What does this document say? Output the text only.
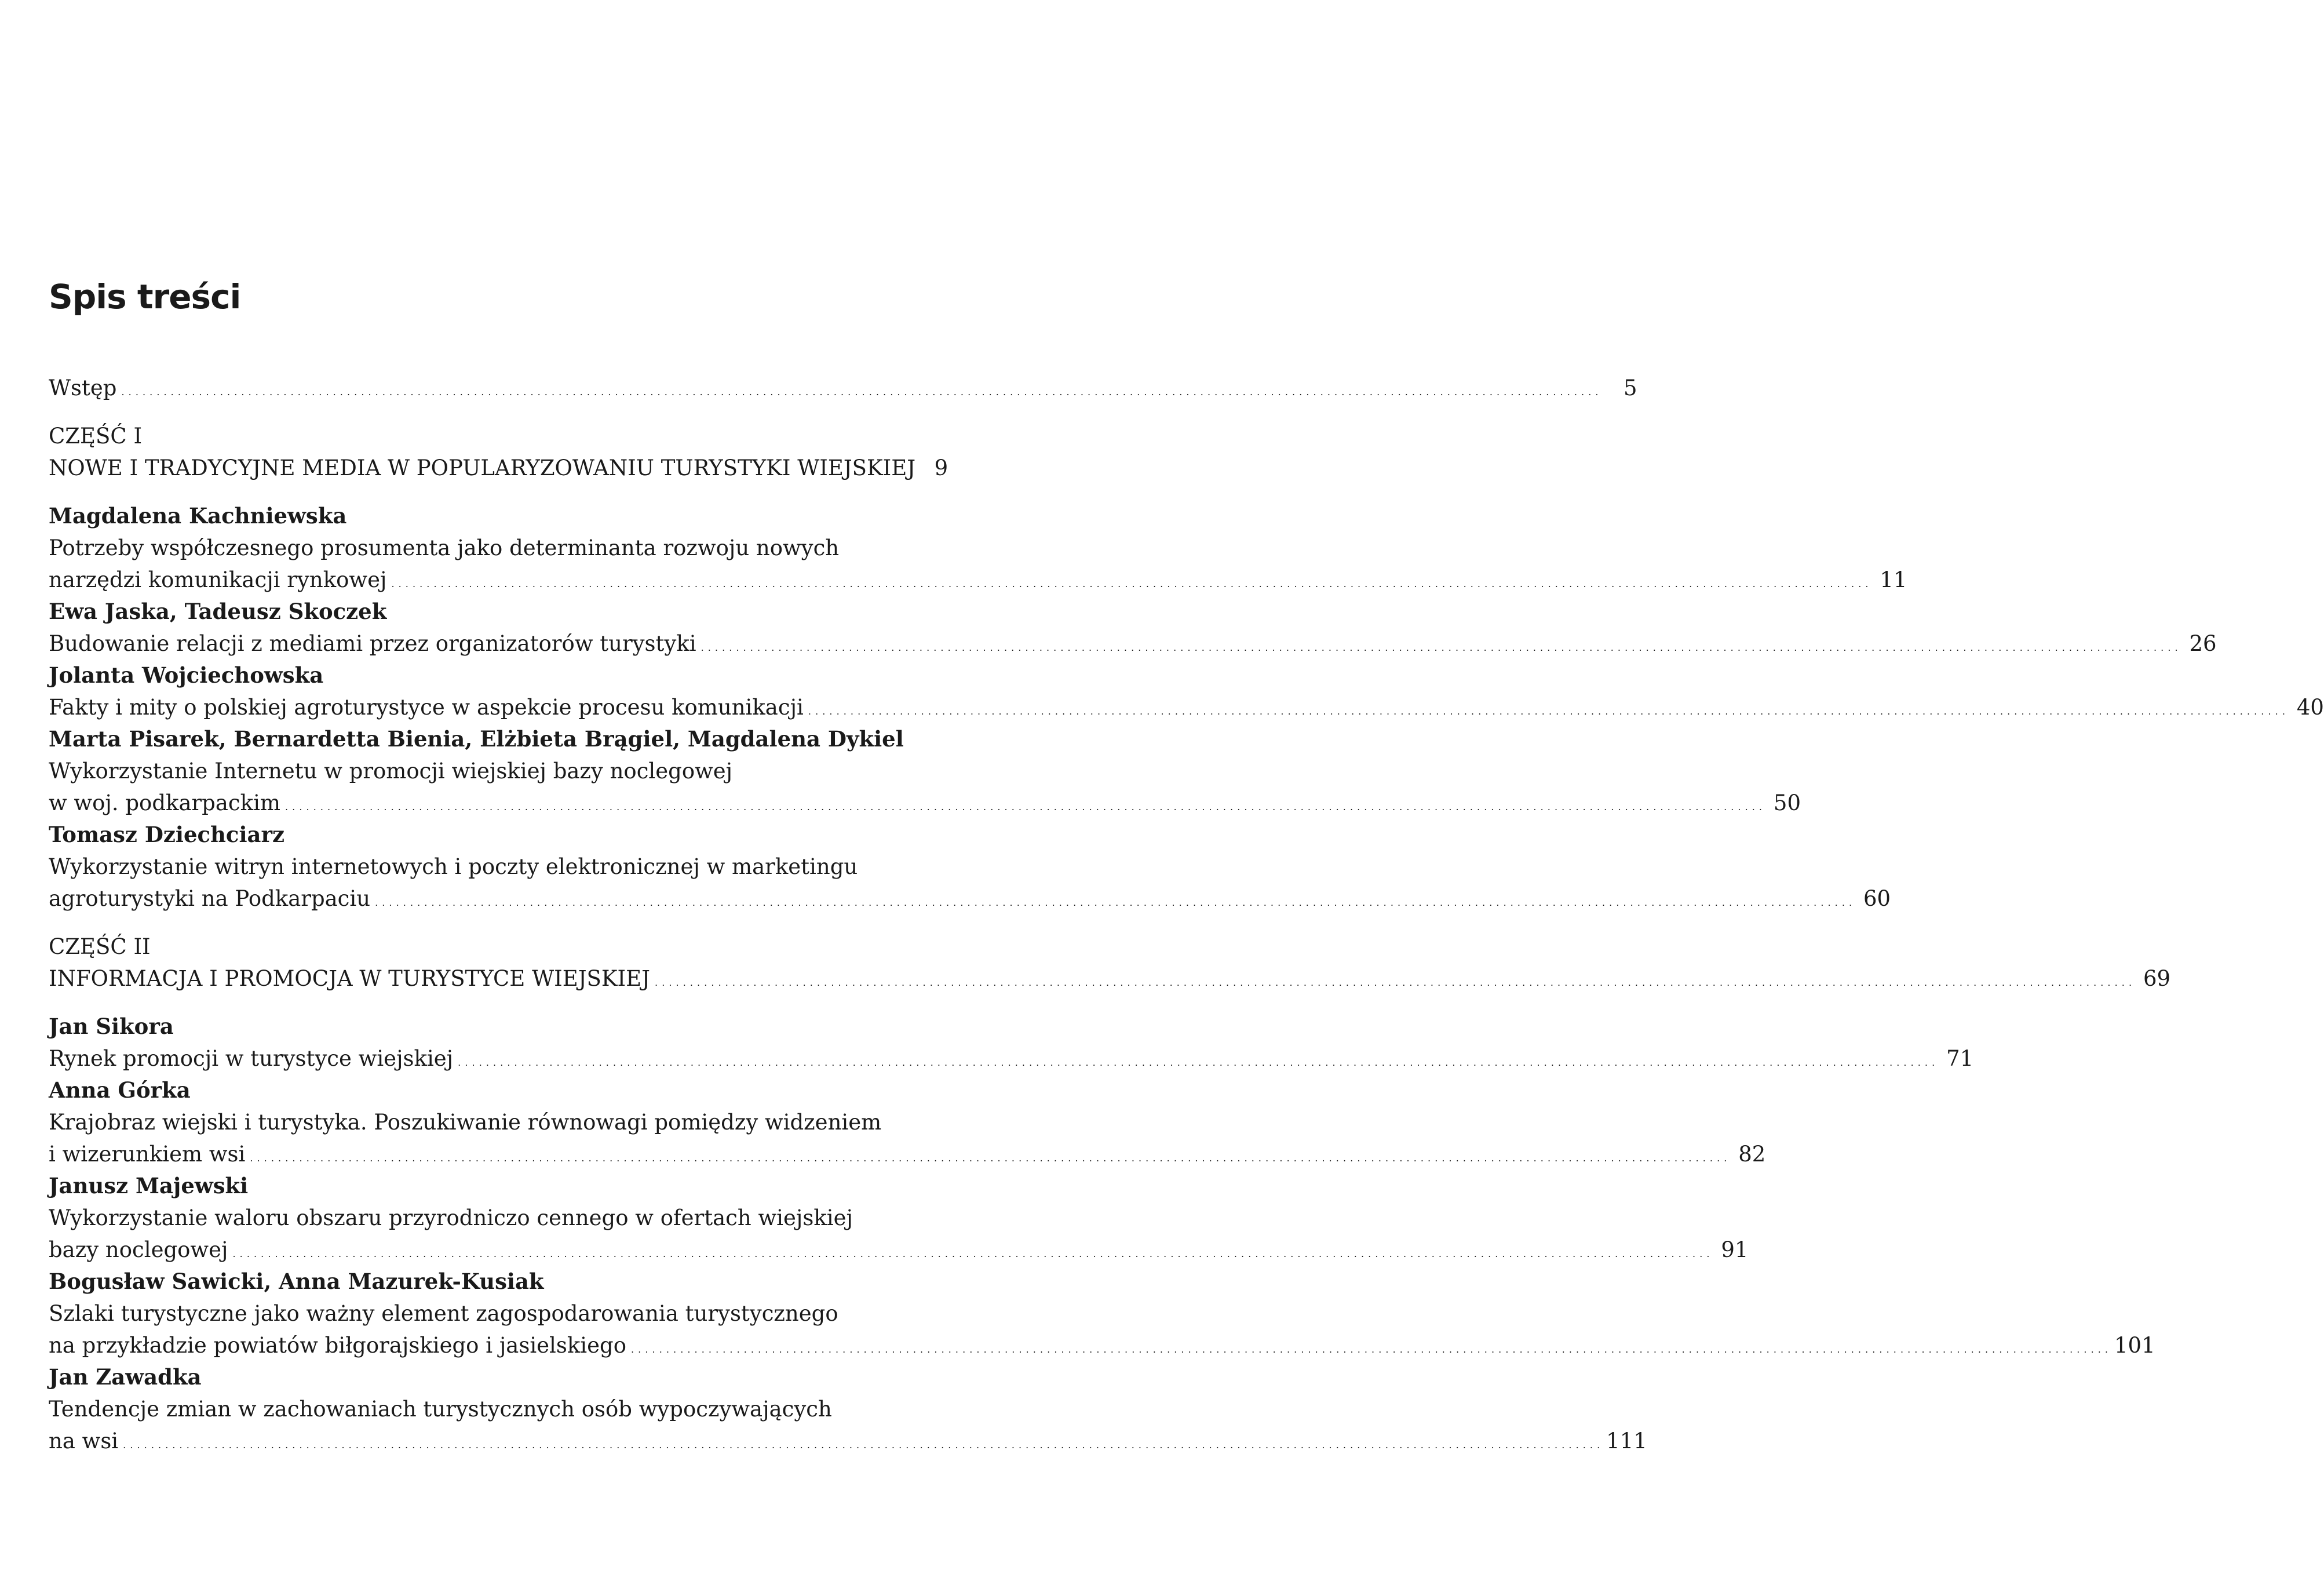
Spis treści
Wstęp . . .	5
CZĘŚĆ I
NOWE I TRADYCYJNE MEDIA W POPULARYZOWANIU TURYSTYKI WIEJSKIEJ 9
Magdalena Kachniewska
Potrzeby współczesnego prosumenta jako determinanta rozwoju nowych
narzędzi komunikacji rynkowej . . .	11
Ewa Jaska, Tadeusz Skoczek
Budowanie relacji z mediami przez organizatorów turystyki . . .	26
Jolanta Wojciechowska
Fakty i mity o polskiej agroturystyce w aspekcie procesu komunikacji . . .	40
Marta Pisarek, Bernardetta Bienia, Elżbieta Brągiel, Magdalena Dykiel
Wykorzystanie Internetu w promocji wiejskiej bazy noclegowej
w woj. podkarpackim . . .	50
Tomasz Dziechciarz
Wykorzystanie witryn internetowych i poczty elektronicznej w marketingu
agroturystyki na Podkarpaciu . . .	60
CZĘŚĆ II
INFORMACJA I PROMOCJA W TURYSTYCE WIEJSKIEJ . . .	69
Jan Sikora
Rynek promocji w turystyce wiejskiej . . .	71
Anna Górka
Krajobraz wiejski i turystyka. Poszukiwanie równowagi pomiędzy widzeniem
i wizerunkiem wsi . . .	82
Janusz Majewski
Wykorzystanie waloru obszaru przyrodniczo cennego w ofertach wiejskiej
bazy noclegowej . . .	91
Bogusław Sawicki, Anna Mazurek-Kusiak
Szlaki turystyczne jako ważny element zagospodarowania turystycznego
na przykładzie powiatów biłgorajskiego i jasielskiego . . .	101
Jan Zawadka
Tendencje zmian w zachowaniach turystycznych osób wypoczywających
na wsi . . .	111
